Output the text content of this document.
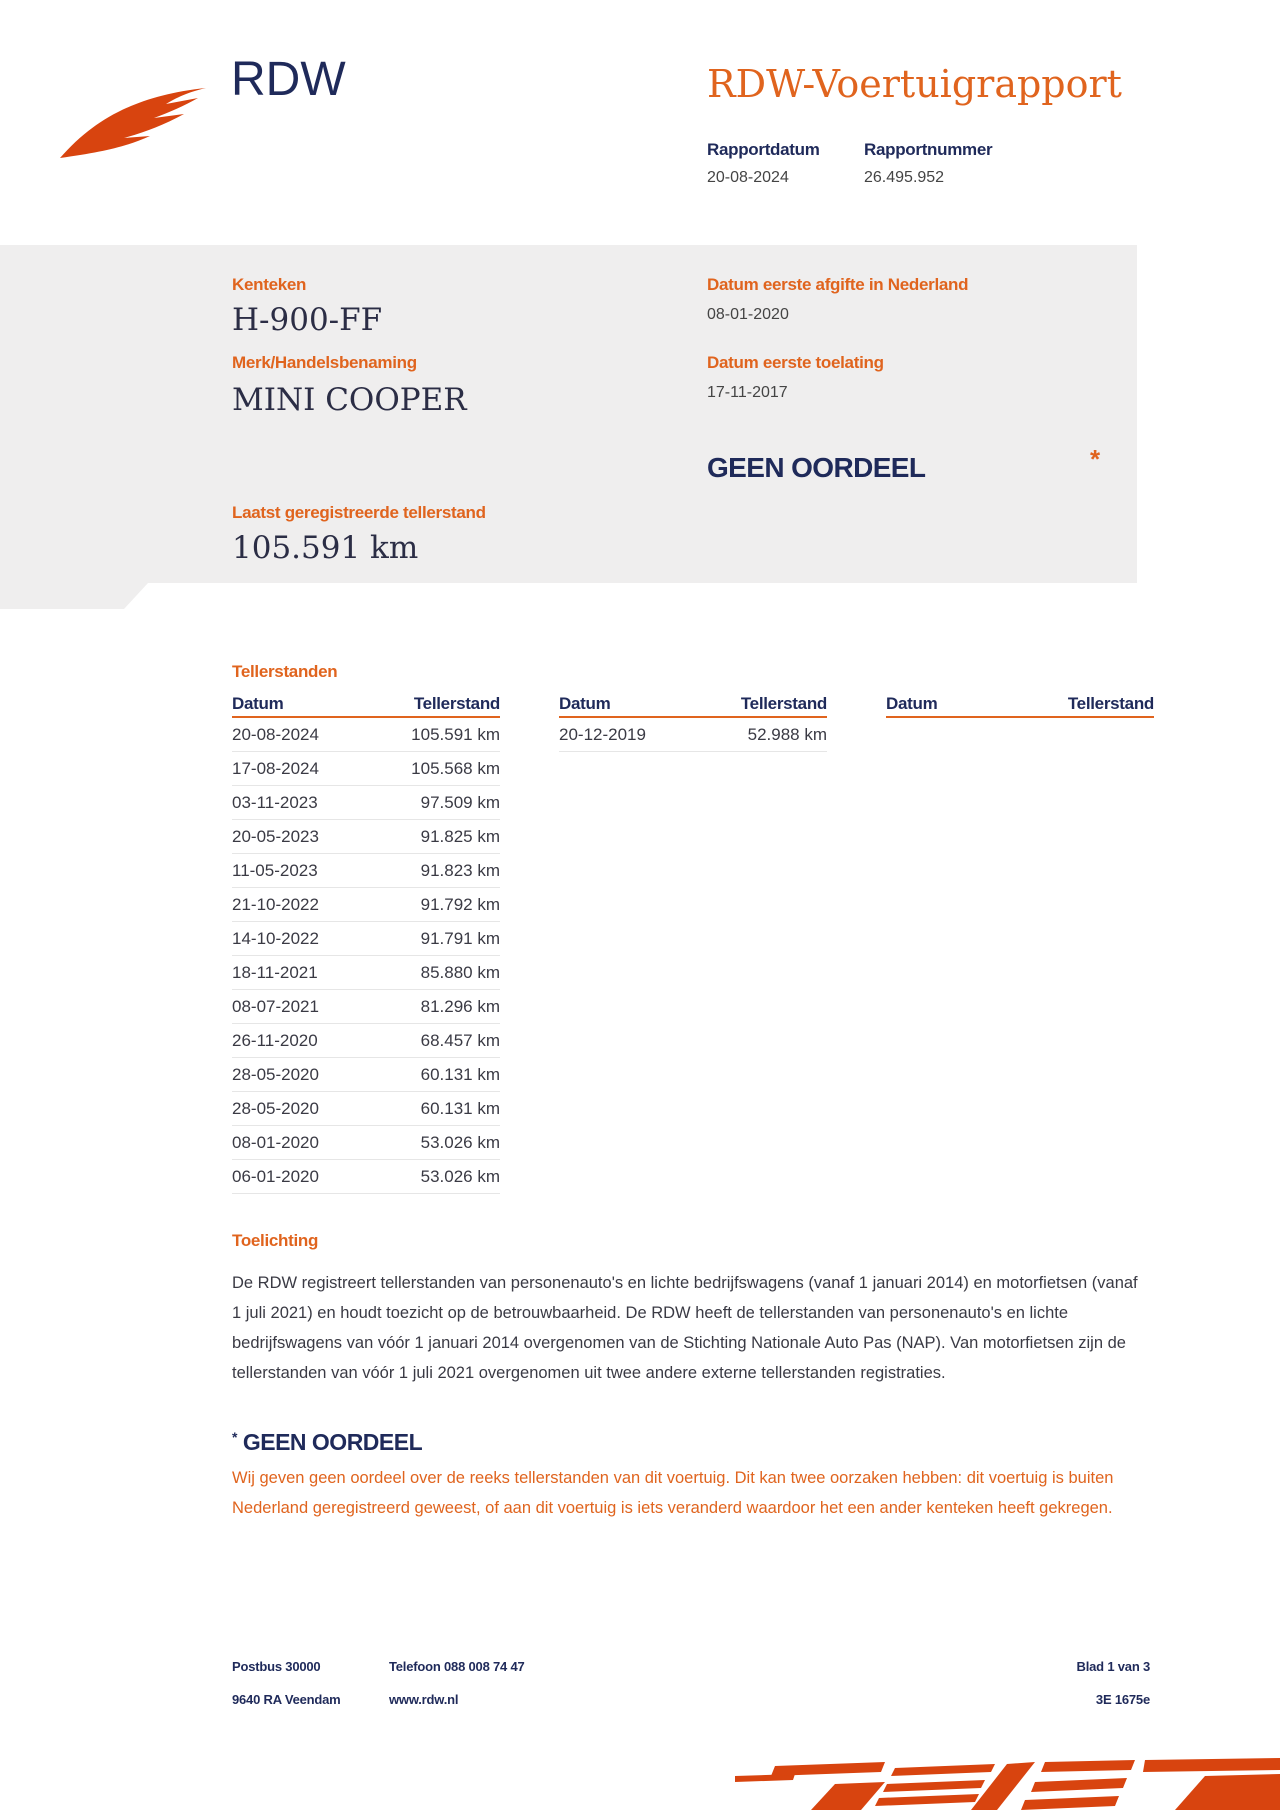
RDW	RDW-Voertuigrapport
Rapportdatum
20-08-2024
Rapportnummer
26.495.952
Kenteken
H-900-FF
Merk/Handelsbenaming
MINI COOPER
Datum eerste afgifte in Nederland
08-01-2020
Datum eerste toelating
17-11-2017
GEEN OORDEEL	*
Laatst geregistreerde tellerstand
105.591 km
Tellerstanden
Datum	Tellerstand
20-08-2024	105.591 km
17-08-2024	105.568 km
03-11-2023	97.509 km
20-05-2023	91.825 km
11-05-2023	91.823 km
21-10-2022	91.792 km
14-10-2022	91.791 km
18-11-2021	85.880 km
08-07-2021	81.296 km
26-11-2020	68.457 km
28-05-2020	60.131 km
28-05-2020	60.131 km
08-01-2020	53.026 km
06-01-2020	53.026 km
Datum	Tellerstand
20-12-2019	52.988 km
Datum	Tellerstand
Toelichting
De RDW registreert tellerstanden van personenauto's en lichte bedrijfswagens (vanaf 1 januari 2014) en motorfietsen (vanaf 1 juli 2021) en houdt toezicht op de betrouwbaarheid. De RDW heeft de tellerstanden van personenauto's en lichte bedrijfswagens van vóór 1 januari 2014 overgenomen van de Stichting Nationale Auto Pas (NAP). Van motorfietsen zijn de tellerstanden van vóór 1 juli 2021 overgenomen uit twee andere externe tellerstanden registraties.
* GEEN OORDEEL
Wij geven geen oordeel over de reeks tellerstanden van dit voertuig. Dit kan twee oorzaken hebben: dit voertuig is buiten Nederland geregistreerd geweest, of aan dit voertuig is iets veranderd waardoor het een ander kenteken heeft gekregen.
Postbus 30000
9640 RA Veendam
Telefoon 088 008 74 47
www.rdw.nl
Blad 1 van 3
3E 1675e
